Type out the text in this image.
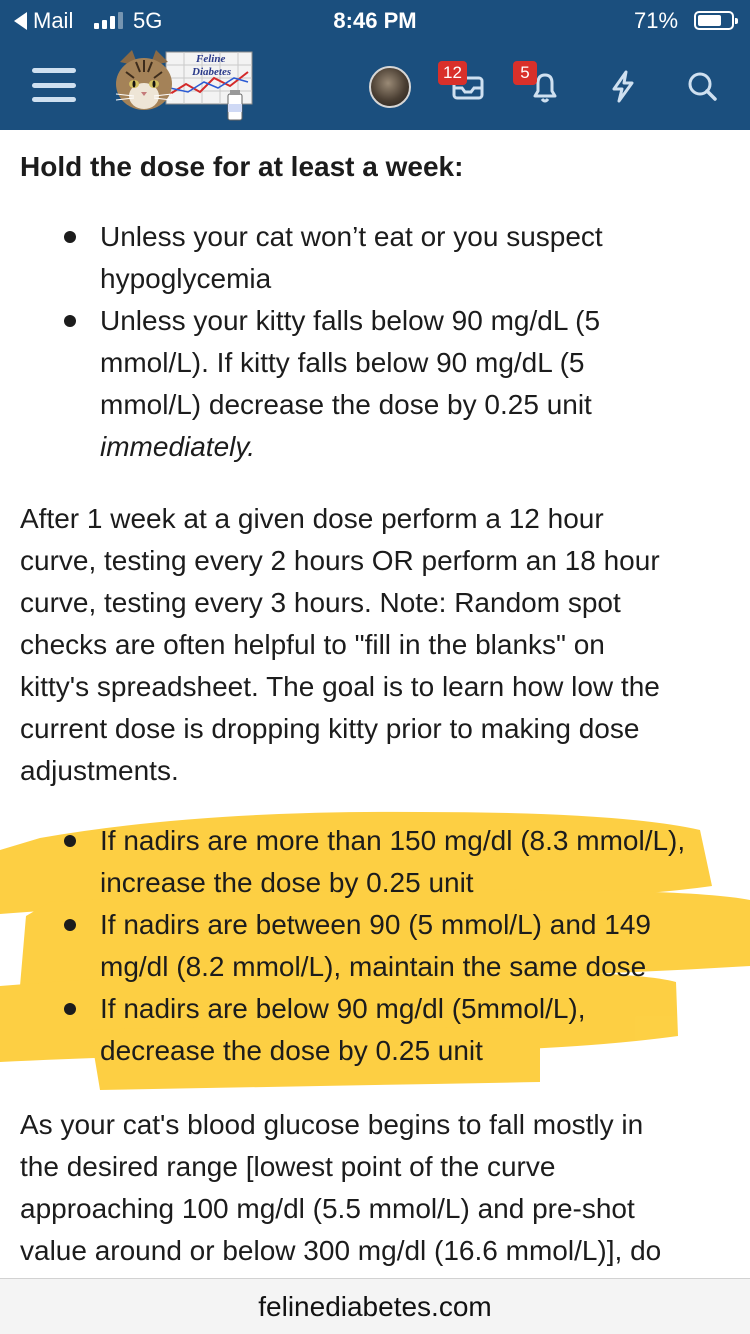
Mail	5G	8:46 PM	71%
Feline
Diabetes	12	5
Hold the dose for at least a week:
Unless your cat won’t eat or you suspect
hypoglycemia
Unless your kitty falls below 90 mg/dL (5
mmol/L). If kitty falls below 90 mg/dL (5
mmol/L) decrease the dose by 0.25 unit
immediately.
After 1 week at a given dose perform a 12 hour
curve, testing every 2 hours OR perform an 18 hour
curve, testing every 3 hours. Note: Random spot
checks are often helpful to "fill in the blanks" on
kitty's spreadsheet. The goal is to learn how low the
current dose is dropping kitty prior to making dose
adjustments.
If nadirs are more than 150 mg/dl (8.3 mmol/L),
increase the dose by 0.25 unit
If nadirs are between 90 (5 mmol/L) and 149
mg/dl (8.2 mmol/L), maintain the same dose
If nadirs are below 90 mg/dl (5mmol/L),
decrease the dose by 0.25 unit
As your cat's blood glucose begins to fall mostly in
the desired range [lowest point of the curve
approaching 100 mg/dl (5.5 mmol/L) and pre-shot
value around or below 300 mg/dl (16.6 mmol/L)], do
felinediabetes.com
